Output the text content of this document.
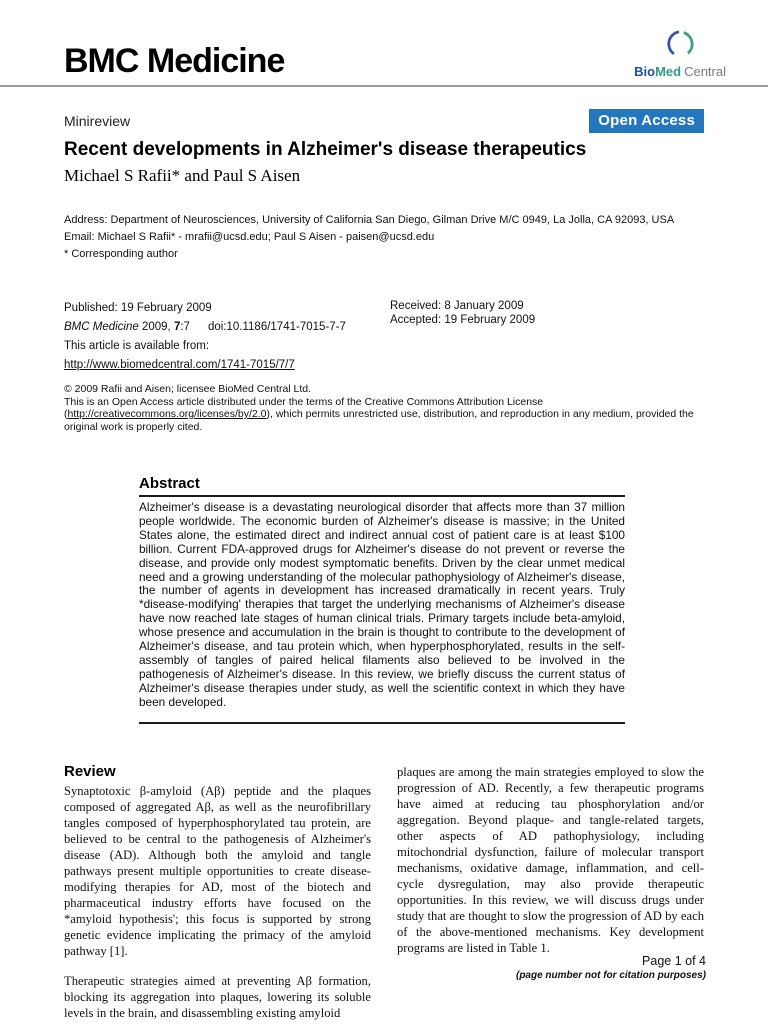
BMC Medicine	BioMed Central
Minireview	Open Access
Recent developments in Alzheimer's disease therapeutics
Michael S Rafii* and Paul S Aisen
Address: Department of Neurosciences, University of California San Diego, Gilman Drive M/C 0949, La Jolla, CA 92093, USA
Email: Michael S Rafii* - mrafii@ucsd.edu; Paul S Aisen - paisen@ucsd.edu
* Corresponding author
Published: 19 February 2009
BMC Medicine 2009, 7:7 doi:10.1186/1741-7015-7-7
This article is available from: http://www.biomedcentral.com/1741-7015/7/7
Received: 8 January 2009
Accepted: 19 February 2009
© 2009 Rafii and Aisen; licensee BioMed Central Ltd.
This is an Open Access article distributed under the terms of the Creative Commons Attribution License (http://creativecommons.org/licenses/by/2.0), which permits unrestricted use, distribution, and reproduction in any medium, provided the original work is properly cited.
Abstract
Alzheimer's disease is a devastating neurological disorder that affects more than 37 million people worldwide. The economic burden of Alzheimer's disease is massive; in the United States alone, the estimated direct and indirect annual cost of patient care is at least $100 billion. Current FDA-approved drugs for Alzheimer's disease do not prevent or reverse the disease, and provide only modest symptomatic benefits. Driven by the clear unmet medical need and a growing understanding of the molecular pathophysiology of Alzheimer's disease, the number of agents in development has increased dramatically in recent years. Truly *disease-modifying' therapies that target the underlying mechanisms of Alzheimer's disease have now reached late stages of human clinical trials. Primary targets include beta-amyloid, whose presence and accumulation in the brain is thought to contribute to the development of Alzheimer's disease, and tau protein which, when hyperphosphorylated, results in the self-assembly of tangles of paired helical filaments also believed to be involved in the pathogenesis of Alzheimer's disease. In this review, we briefly discuss the current status of Alzheimer's disease therapies under study, as well the scientific context in which they have been developed.
Review

Synaptotoxic β-amyloid (Aβ) peptide and the plaques composed of aggregated Aβ, as well as the neurofibrillary tangles composed of hyperphosphorylated tau protein, are believed to be central to the pathogenesis of Alzheimer's disease (AD). Although both the amyloid and tangle pathways present multiple opportunities to create disease-modifying therapies for AD, most of the biotech and pharmaceutical industry efforts have focused on the *amyloid hypothesis'; this focus is supported by strong genetic evidence implicating the primacy of the amyloid pathway [1].

Therapeutic strategies aimed at preventing Aβ formation, blocking its aggregation into plaques, lowering its soluble levels in the brain, and disassembling existing amyloid

plaques are among the main strategies employed to slow the progression of AD. Recently, a few therapeutic programs have aimed at reducing tau phosphorylation and/or aggregation. Beyond plaque- and tangle-related targets, other aspects of AD pathophysiology, including mitochondrial dysfunction, failure of molecular transport mechanisms, oxidative damage, inflammation, and cell-cycle dysregulation, may also provide therapeutic opportunities. In this review, we will discuss drugs under study that are thought to slow the progression of AD by each of the above-mentioned mechanisms. Key development programs are listed in Table 1.

Page 1 of 4
(page number not for citation purposes)
